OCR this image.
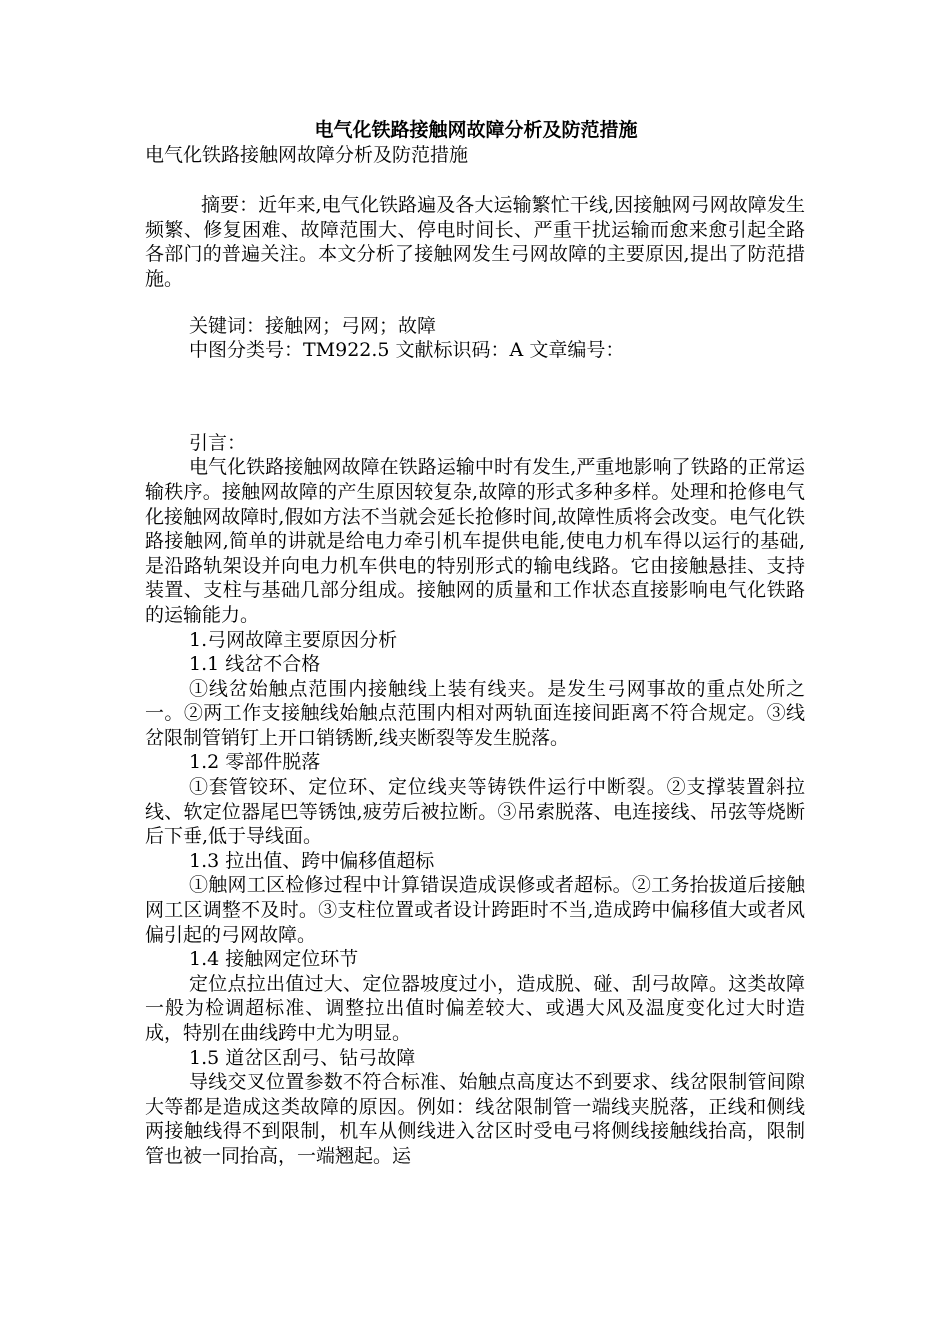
电气化铁路接触网故障分析及防范措施

电气化铁路接触网故障分析及防范措施

摘要：近年来,电气化铁路遍及各大运输繁忙干线,因接触网弓网故障发生频繁、修复困难、故障范围大、停电时间长、严重干扰运输而愈来愈引起全路各部门的普遍关注。本文分析了接触网发生弓网故障的主要原因,提出了防范措施。

关键词：接触网；弓网；故障

中图分类号：TM922.5 文献标识码：A 文章编号：

引言：

电气化铁路接触网故障在铁路运输中时有发生,严重地影响了铁路的正常运输秩序。接触网故障的产生原因较复杂,故障的形式多种多样。处理和抢修电气化接触网故障时,假如方法不当就会延长抢修时间,故障性质将会改变。电气化铁路接触网,简单的讲就是给电力牵引机车提供电能,使电力机车得以运行的基础,是沿路轨架设并向电力机车供电的特别形式的输电线路。它由接触悬挂、支持装置、支柱与基础几部分组成。接触网的质量和工作状态直接影响电气化铁路的运输能力。

1.弓网故障主要原因分析

1.1 线岔不合格

①线岔始触点范围内接触线上装有线夹。是发生弓网事故的重点处所之一。②两工作支接触线始触点范围内相对两轨面连接间距离不符合规定。③线岔限制管销钉上开口销锈断,线夹断裂等发生脱落。

1.2 零部件脱落

①套管铰环、定位环、定位线夹等铸铁件运行中断裂。②支撑装置斜拉线、软定位器尾巴等锈蚀,疲劳后被拉断。③吊索脱落、电连接线、吊弦等烧断后下垂,低于导线面。

1.3 拉出值、跨中偏移值超标

①触网工区检修过程中计算错误造成误修或者超标。②工务抬拔道后接触网工区调整不及时。③支柱位置或者设计跨距时不当,造成跨中偏移值大或者风偏引起的弓网故障。

1.4 接触网定位环节

定位点拉出值过大、定位器坡度过小，造成脱、碰、刮弓故障。这类故障一般为检调超标准、调整拉出值时偏差较大、或遇大风及温度变化过大时造成，特别在曲线跨中尤为明显。

1.5 道岔区刮弓、钻弓故障

导线交叉位置参数不符合标准、始触点高度达不到要求、线岔限制管间隙大等都是造成这类故障的原因。例如：线岔限制管一端线夹脱落，正线和侧线两接触线得不到限制，机车从侧线进入岔区时受电弓将侧线接触线抬高，限制管也被一同抬高，一端翘起。运
